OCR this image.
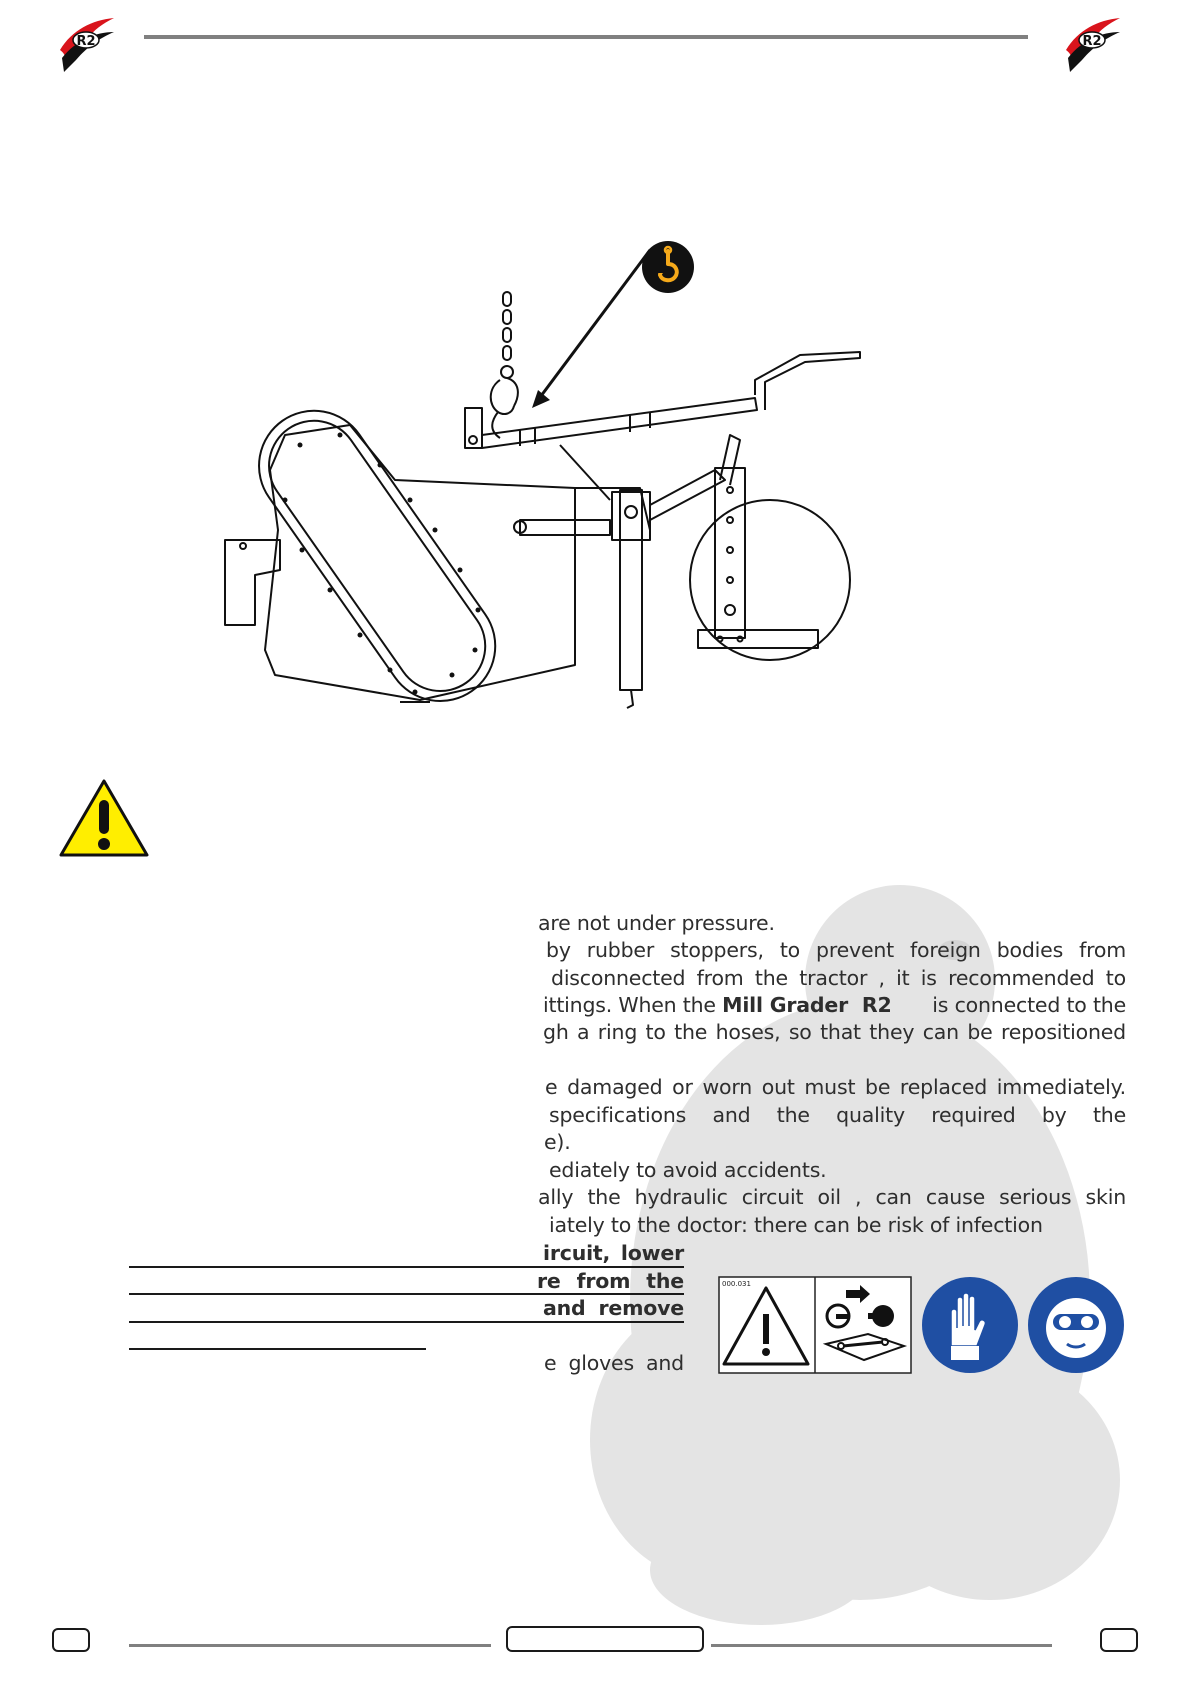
R2	R2
are not under pressure.
by rubber stoppers, to prevent foreign bodies from
disconnected from the tractor , it is recommended to
ittings. When the Mill Grader  R2 is connected to the
gh a ring to the hoses, so that they can be repositioned
e damaged or worn out must be replaced immediately.
specifications and the quality required by the
e).
ediately to avoid accidents.
ally the hydraulic circuit oil , can cause serious skin
iately to the doctor: there can be risk of infection
ircuit, lower
re from the
and remove
e gloves and
000.031
